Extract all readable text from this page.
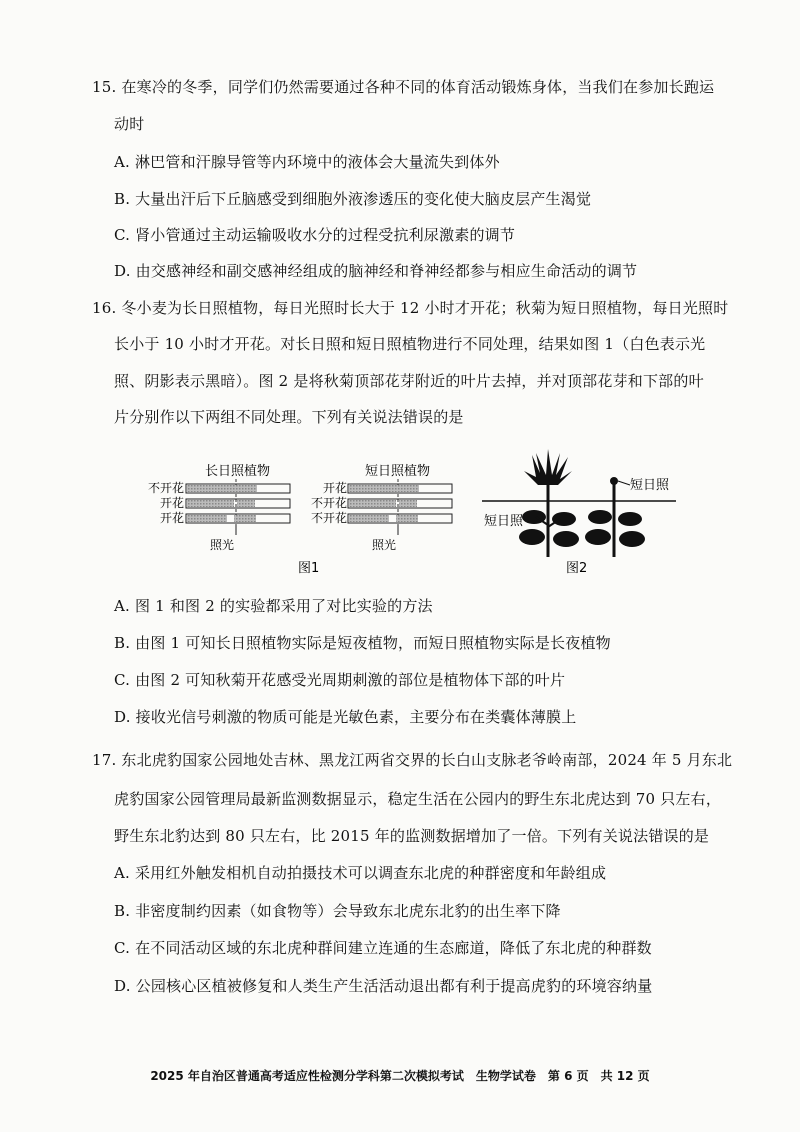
15. 在寒冷的冬季，同学们仍然需要通过各种不同的体育活动锻炼身体，当我们在参加长跑运
动时
A. 淋巴管和汗腺导管等内环境中的液体会大量流失到体外
B. 大量出汗后下丘脑感受到细胞外液渗透压的变化使大脑皮层产生渴觉
C. 肾小管通过主动运输吸收水分的过程受抗利尿激素的调节
D. 由交感神经和副交感神经组成的脑神经和脊神经都参与相应生命活动的调节
16. 冬小麦为长日照植物，每日光照时长大于 12 小时才开花；秋菊为短日照植物，每日光照时
长小于 10 小时才开花。对长日照和短日照植物进行不同处理，结果如图 1（白色表示光
照、阴影表示黑暗）。图 2 是将秋菊顶部花芽附近的叶片去掉，并对顶部花芽和下部的叶
片分别作以下两组不同处理。下列有关说法错误的是
长日照植物
不开花
开花
开花
照光
短日照植物
开花
不开花
不开花
照光
图1
短日照
短日照
图2
A. 图 1 和图 2 的实验都采用了对比实验的方法
B. 由图 1 可知长日照植物实际是短夜植物，而短日照植物实际是长夜植物
C. 由图 2 可知秋菊开花感受光周期刺激的部位是植物体下部的叶片
D. 接收光信号刺激的物质可能是光敏色素，主要分布在类囊体薄膜上
17. 东北虎豹国家公园地处吉林、黑龙江两省交界的长白山支脉老爷岭南部，2024 年 5 月东北
虎豹国家公园管理局最新监测数据显示，稳定生活在公园内的野生东北虎达到 70 只左右，
野生东北豹达到 80 只左右，比 2015 年的监测数据增加了一倍。下列有关说法错误的是
A. 采用红外触发相机自动拍摄技术可以调查东北虎的种群密度和年龄组成
B. 非密度制约因素（如食物等）会导致东北虎东北豹的出生率下降
C. 在不同活动区域的东北虎种群间建立连通的生态廊道，降低了东北虎的种群数
D. 公园核心区植被修复和人类生产生活活动退出都有利于提高虎豹的环境容纳量
2025 年自治区普通高考适应性检测分学科第二次模拟考试　生物学试卷　第 6 页　共 12 页
